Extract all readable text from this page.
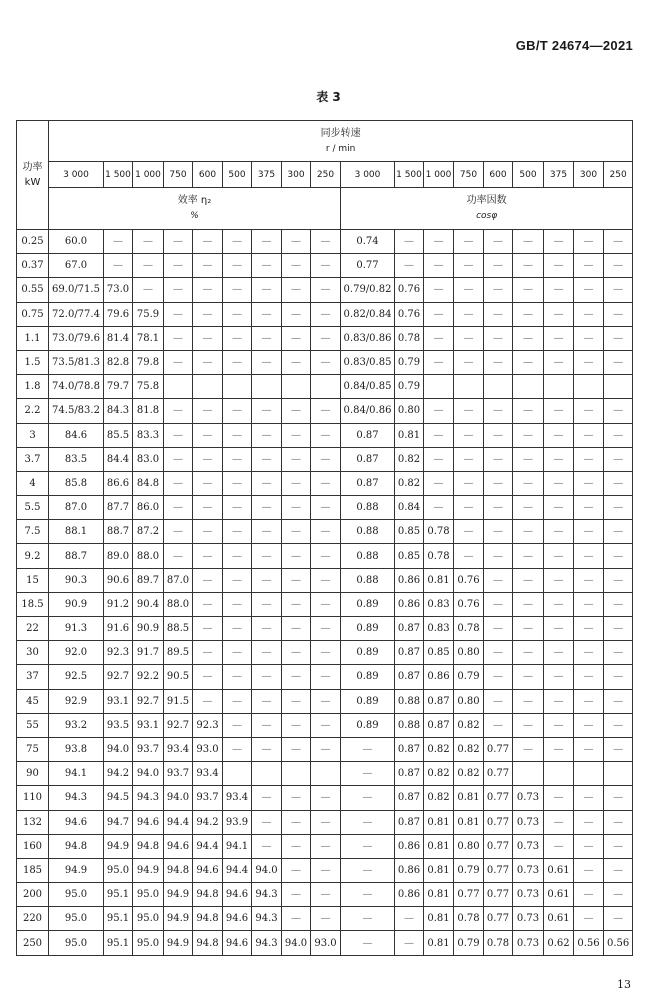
GB/T 24674—2021
表 3
功率
kW	同步转速
r / min																	
	3 000	1 500	1 000	750	600	500	375	300	250	3 000	1 500	1 000	750	600	500	375	300	250
	效率 η₂
%									功率因数
cosφ								
0.25	60.0	—	—	—	—	—	—	—	—	0.74	—	—	—	—	—	—	—	—
0.37	67.0	—	—	—	—	—	—	—	—	0.77	—	—	—	—	—	—	—	—
0.55	69.0/71.5	73.0	—	—	—	—	—	—	—	0.79/0.82	0.76	—	—	—	—	—	—	—
0.75	72.0/77.4	79.6	75.9	—	—	—	—	—	—	0.82/0.84	0.76	—	—	—	—	—	—	—
1.1	73.0/79.6	81.4	78.1	—	—	—	—	—	—	0.83/0.86	0.78	—	—	—	—	—	—	—
1.5	73.5/81.3	82.8	79.8	—	—	—	—	—	—	0.83/0.85	0.79	—	—	—	—	—	—	—
1.8	74.0/78.8	79.7	75.8							0.84/0.85	0.79							
2.2	74.5/83.2	84.3	81.8	—	—	—	—	—	—	0.84/0.86	0.80	—	—	—	—	—	—	—
3	84.6	85.5	83.3	—	—	—	—	—	—	0.87	0.81	—	—	—	—	—	—	—
3.7	83.5	84.4	83.0	—	—	—	—	—	—	0.87	0.82	—	—	—	—	—	—	—
4	85.8	86.6	84.8	—	—	—	—	—	—	0.87	0.82	—	—	—	—	—	—	—
5.5	87.0	87.7	86.0	—	—	—	—	—	—	0.88	0.84	—	—	—	—	—	—	—
7.5	88.1	88.7	87.2	—	—	—	—	—	—	0.88	0.85	0.78	—	—	—	—	—	—
9.2	88.7	89.0	88.0	—	—	—	—	—	—	0.88	0.85	0.78	—	—	—	—	—	—
15	90.3	90.6	89.7	87.0	—	—	—	—	—	0.88	0.86	0.81	0.76	—	—	—	—	—
18.5	90.9	91.2	90.4	88.0	—	—	—	—	—	0.89	0.86	0.83	0.76	—	—	—	—	—
22	91.3	91.6	90.9	88.5	—	—	—	—	—	0.89	0.87	0.83	0.78	—	—	—	—	—
30	92.0	92.3	91.7	89.5	—	—	—	—	—	0.89	0.87	0.85	0.80	—	—	—	—	—
37	92.5	92.7	92.2	90.5	—	—	—	—	—	0.89	0.87	0.86	0.79	—	—	—	—	—
45	92.9	93.1	92.7	91.5	—	—	—	—	—	0.89	0.88	0.87	0.80	—	—	—	—	—
55	93.2	93.5	93.1	92.7	92.3	—	—	—	—	0.89	0.88	0.87	0.82	—	—	—	—	—
75	93.8	94.0	93.7	93.4	93.0	—	—	—	—	—	0.87	0.82	0.82	0.77	—	—	—	—
90	94.1	94.2	94.0	93.7	93.4					—	0.87	0.82	0.82	0.77				
110	94.3	94.5	94.3	94.0	93.7	93.4	—	—	—	—	0.87	0.82	0.81	0.77	0.73	—	—	—
132	94.6	94.7	94.6	94.4	94.2	93.9	—	—	—	—	0.87	0.81	0.81	0.77	0.73	—	—	—
160	94.8	94.9	94.8	94.6	94.4	94.1	—	—	—	—	0.86	0.81	0.80	0.77	0.73	—	—	—
185	94.9	95.0	94.9	94.8	94.6	94.4	94.0	—	—	—	0.86	0.81	0.79	0.77	0.73	0.61	—	—
200	95.0	95.1	95.0	94.9	94.8	94.6	94.3	—	—	—	0.86	0.81	0.77	0.77	0.73	0.61	—	—
220	95.0	95.1	95.0	94.9	94.8	94.6	94.3	—	—	—	—	0.81	0.78	0.77	0.73	0.61	—	—
250	95.0	95.1	95.0	94.9	94.8	94.6	94.3	94.0	93.0	—	—	0.81	0.79	0.78	0.73	0.62	0.56	0.56
13
